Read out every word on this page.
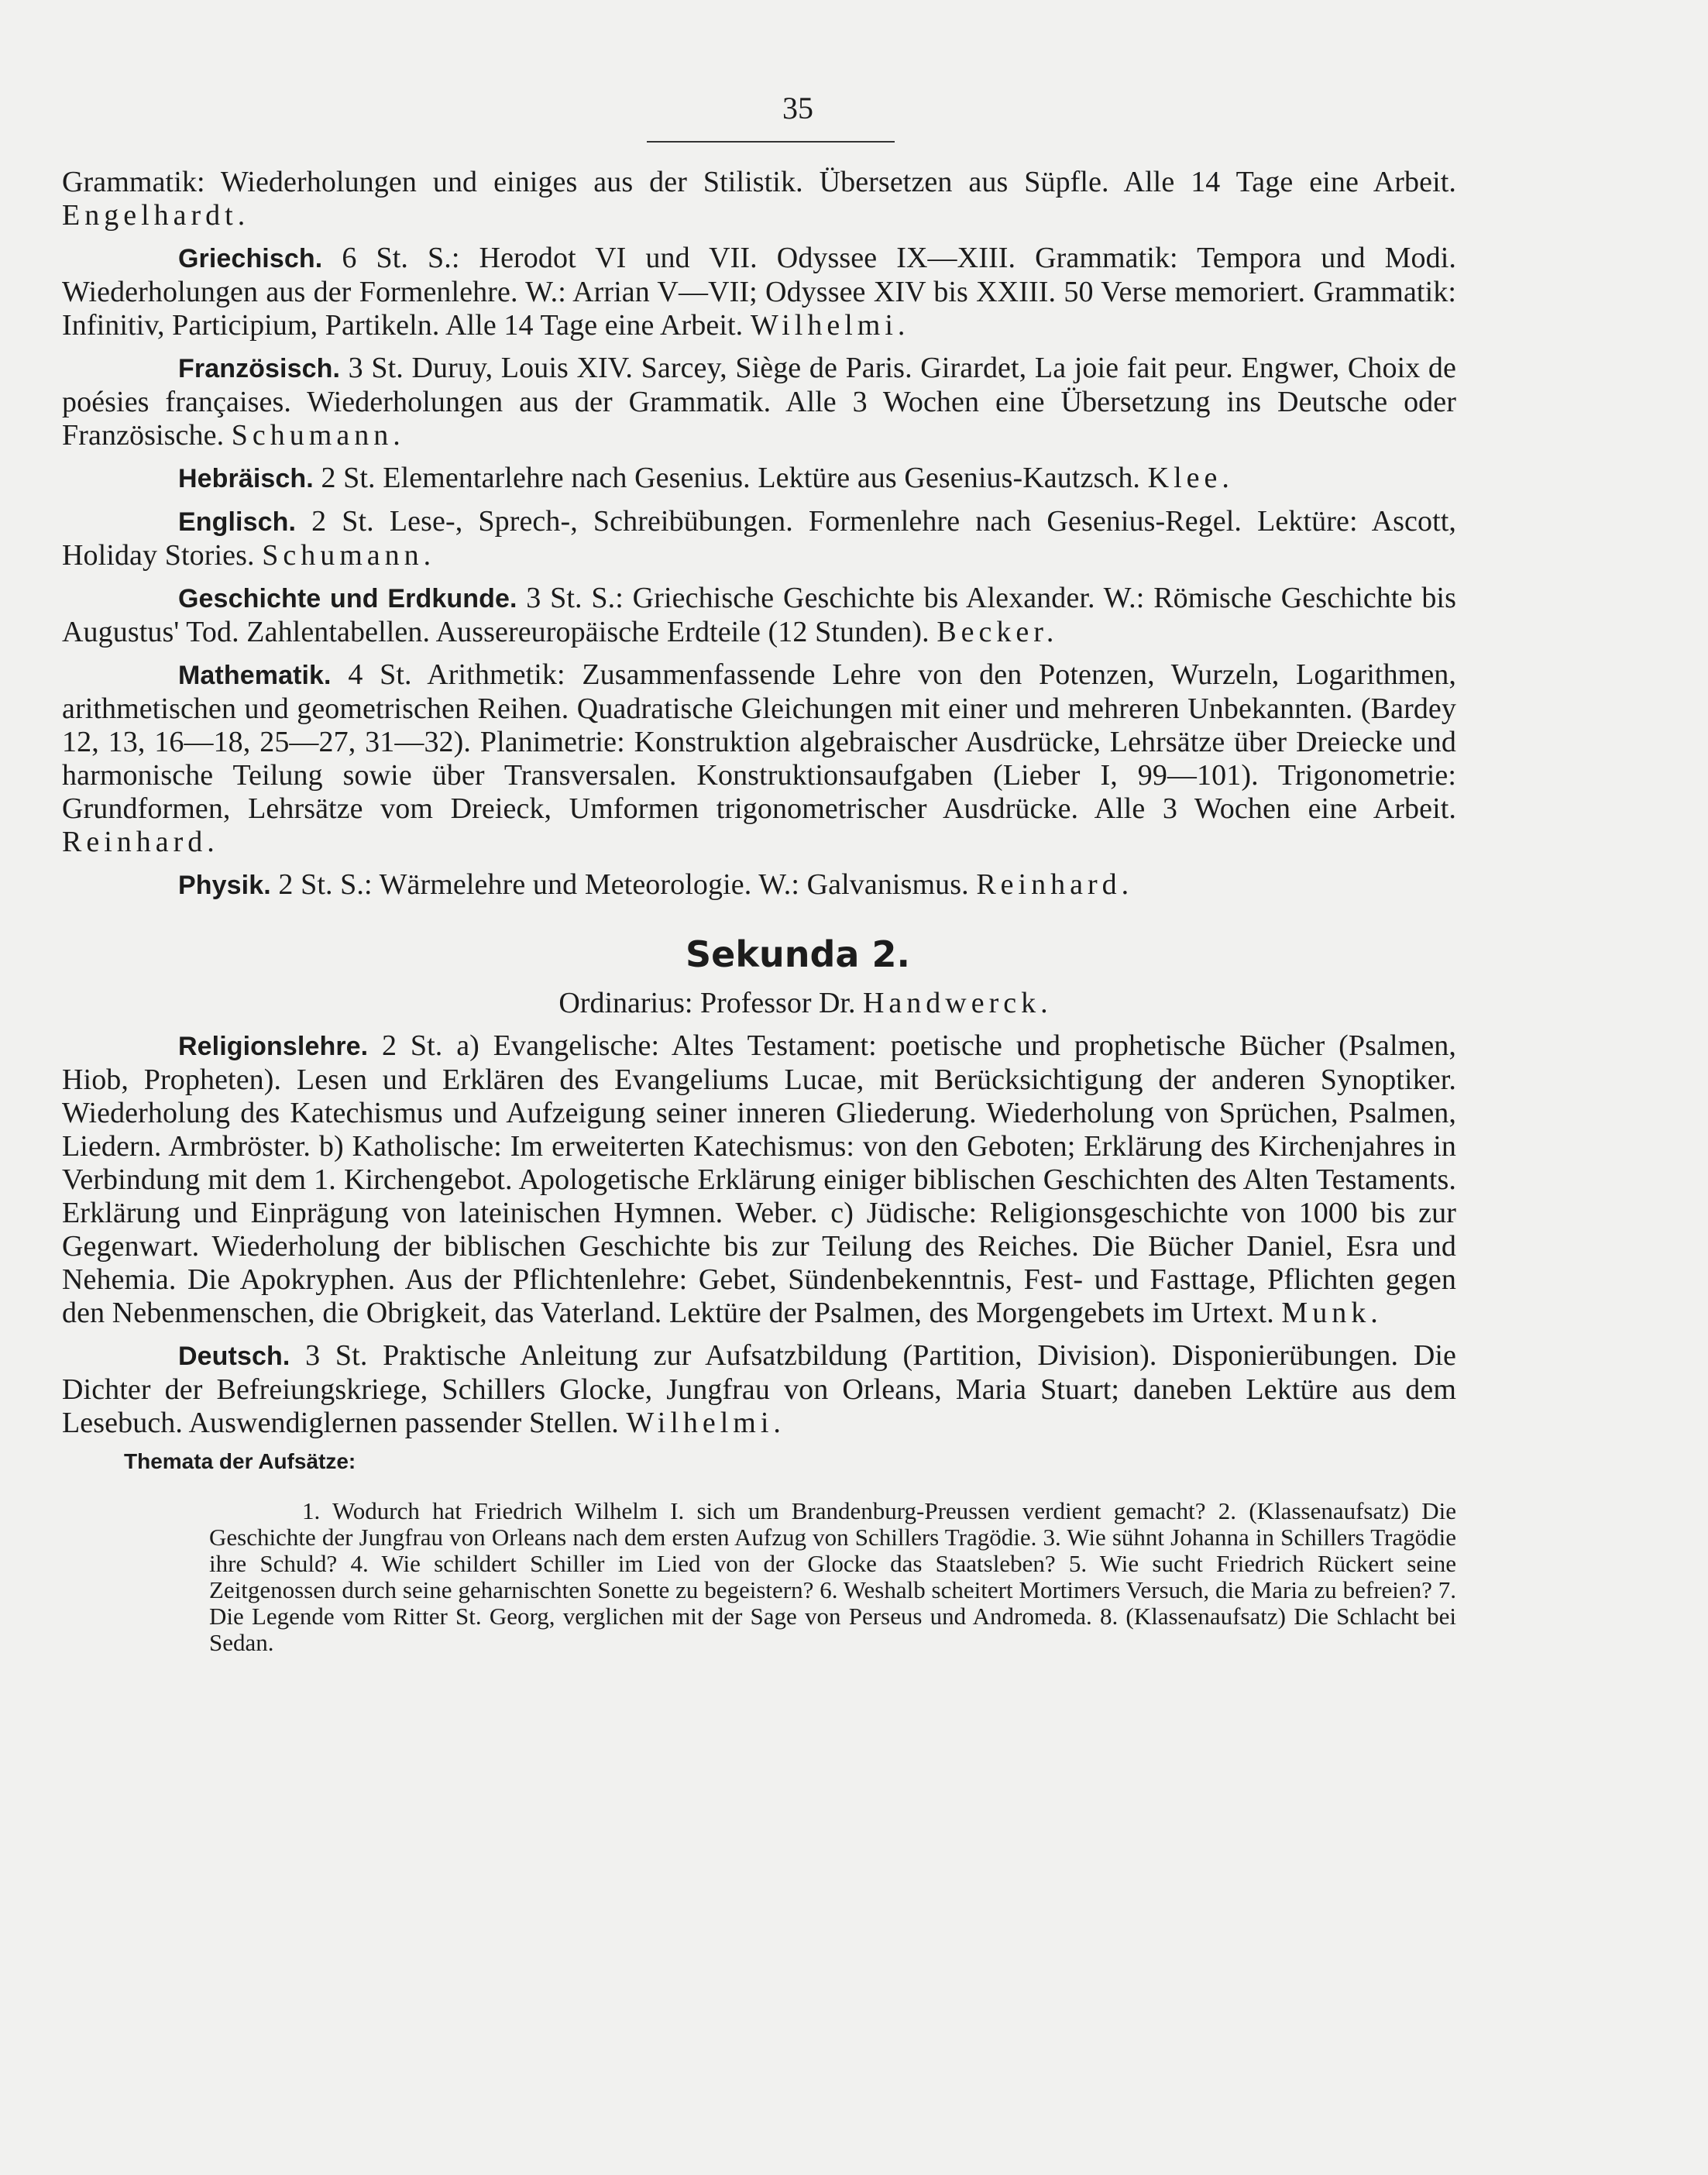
35

Grammatik: Wiederholungen und einiges aus der Stilistik. Übersetzen aus Süpfle. Alle 14 Tage eine Arbeit. Engelhardt.

Griechisch. 6 St. S.: Herodot VI und VII. Odyssee IX—XIII. Grammatik: Tempora und Modi. Wiederholungen aus der Formenlehre. W.: Arrian V—VII; Odyssee XIV bis XXIII. 50 Verse memoriert. Grammatik: Infinitiv, Participium, Partikeln. Alle 14 Tage eine Arbeit. Wilhelmi.

Französisch. 3 St. Duruy, Louis XIV. Sarcey, Siège de Paris. Girardet, La joie fait peur. Engwer, Choix de poésies françaises. Wiederholungen aus der Grammatik. Alle 3 Wochen eine Übersetzung ins Deutsche oder Französische. Schumann.

Hebräisch. 2 St. Elementarlehre nach Gesenius. Lektüre aus Gesenius-Kautzsch. Klee.

Englisch. 2 St. Lese-, Sprech-, Schreibübungen. Formenlehre nach Gesenius-Regel. Lektüre: Ascott, Holiday Stories. Schumann.

Geschichte und Erdkunde. 3 St. S.: Griechische Geschichte bis Alexander. W.: Römische Geschichte bis Augustus' Tod. Zahlentabellen. Aussereuropäische Erdteile (12 Stunden). Becker.

Mathematik. 4 St. Arithmetik: Zusammenfassende Lehre von den Potenzen, Wurzeln, Logarithmen, arithmetischen und geometrischen Reihen. Quadratische Gleichungen mit einer und mehreren Unbekannten. (Bardey 12, 13, 16—18, 25—27, 31—32). Planimetrie: Konstruktion algebraischer Ausdrücke, Lehrsätze über Dreiecke und harmonische Teilung sowie über Transversalen. Konstruktionsaufgaben (Lieber I, 99—101). Trigonometrie: Grundformen, Lehrsätze vom Dreieck, Umformen trigonometrischer Ausdrücke. Alle 3 Wochen eine Arbeit. Reinhard.

Physik. 2 St. S.: Wärmelehre und Meteorologie. W.: Galvanismus. Reinhard.

Sekunda 2.
Ordinarius: Professor Dr. Handwerck.

Religionslehre. 2 St. a) Evangelische: Altes Testament: poetische und prophetische Bücher (Psalmen, Hiob, Propheten). Lesen und Erklären des Evangeliums Lucae, mit Berücksichtigung der anderen Synoptiker. Wiederholung des Katechismus und Aufzeigung seiner inneren Gliederung. Wiederholung von Sprüchen, Psalmen, Liedern. Armbröster. b) Katholische: Im erweiterten Katechismus: von den Geboten; Erklärung des Kirchenjahres in Verbindung mit dem 1. Kirchengebot. Apologetische Erklärung einiger biblischen Geschichten des Alten Testaments. Erklärung und Einprägung von lateinischen Hymnen. Weber. c) Jüdische: Religionsgeschichte von 1000 bis zur Gegenwart. Wiederholung der biblischen Geschichte bis zur Teilung des Reiches. Die Bücher Daniel, Esra und Nehemia. Die Apokryphen. Aus der Pflichtenlehre: Gebet, Sündenbekenntnis, Fest- und Fasttage, Pflichten gegen den Nebenmenschen, die Obrigkeit, das Vaterland. Lektüre der Psalmen, des Morgengebets im Urtext. Munk.

Deutsch. 3 St. Praktische Anleitung zur Aufsatzbildung (Partition, Division). Disponierübungen. Die Dichter der Befreiungskriege, Schillers Glocke, Jungfrau von Orleans, Maria Stuart; daneben Lektüre aus dem Lesebuch. Auswendiglernen passender Stellen. Wilhelmi.

Themata der Aufsätze:

1. Wodurch hat Friedrich Wilhelm I. sich um Brandenburg-Preussen verdient gemacht? 2. (Klassenaufsatz) Die Geschichte der Jungfrau von Orleans nach dem ersten Aufzug von Schillers Tragödie. 3. Wie sühnt Johanna in Schillers Tragödie ihre Schuld? 4. Wie schildert Schiller im Lied von der Glocke das Staatsleben? 5. Wie sucht Friedrich Rückert seine Zeitgenossen durch seine geharnischten Sonette zu begeistern? 6. Weshalb scheitert Mortimers Versuch, die Maria zu befreien? 7. Die Legende vom Ritter St. Georg, verglichen mit der Sage von Perseus und Andromeda. 8. (Klassenaufsatz) Die Schlacht bei Sedan.
